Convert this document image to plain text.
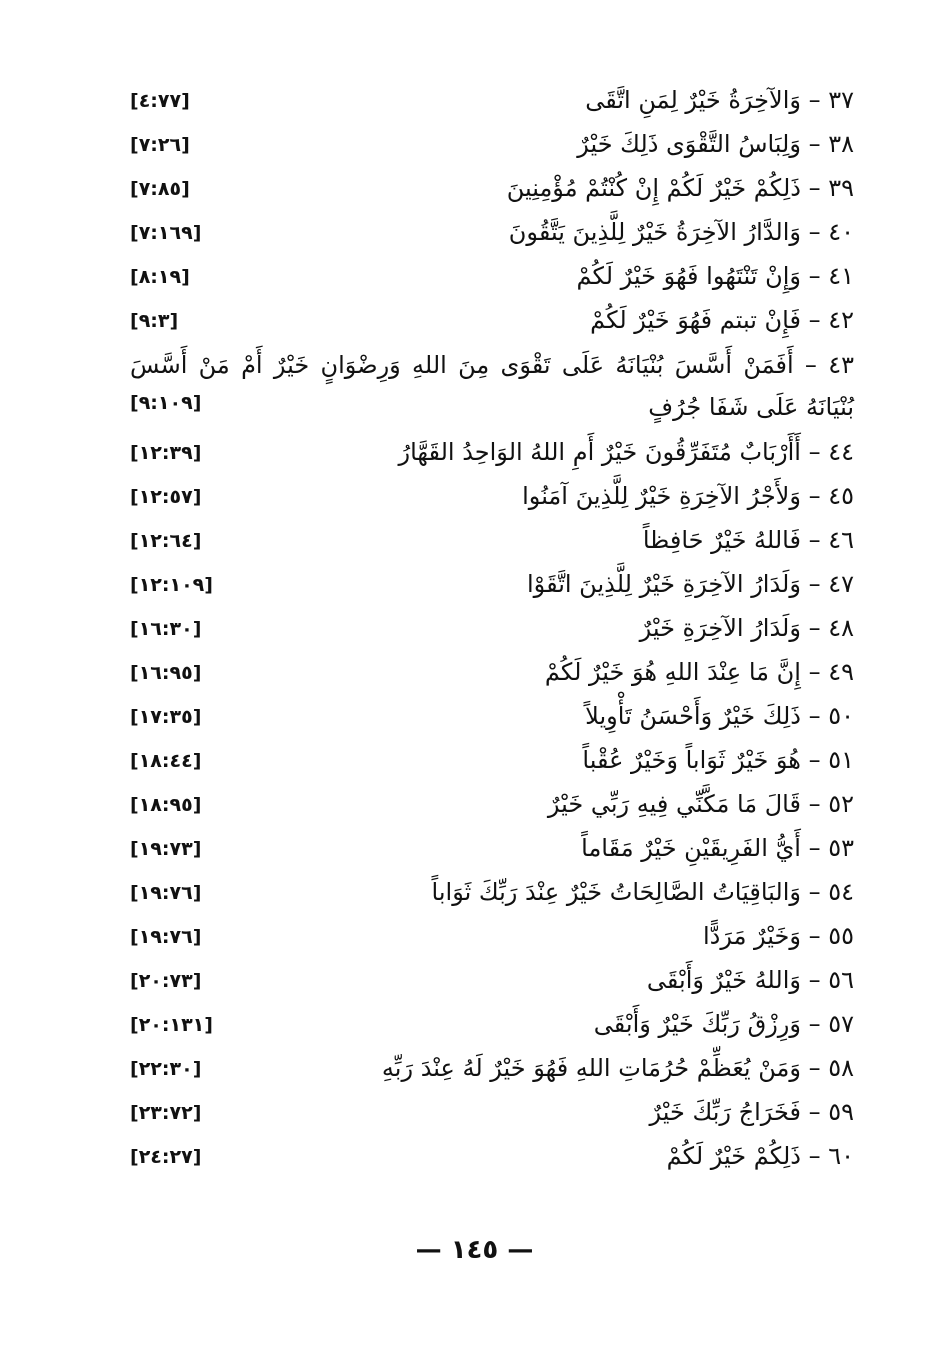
٣٧ – وَالآخِرَةُ خَيْرٌ لِمَنِ اتَّقَى
[٤:٧٧]
٣٨ – وَلِبَاسُ التَّقْوَى ذَلِكَ خَيْرٌ
[٧:٢٦]
٣٩ – ذَلِكُمْ خَيْرٌ لَكُمْ إِنْ كُنْتُمْ مُؤْمِنِينَ
[٧:٨٥]
٤٠ – وَالدَّارُ الآخِرَةُ خَيْرٌ لِلَّذِينَ يَتَّقُونَ
[٧:١٦٩]
٤١ – وَإِنْ تَنْتَهُوا فَهُوَ خَيْرٌ لَكُمْ
[٨:١٩]
٤٢ – فَإِنْ تبتم فَهُوَ خَيْرٌ لَكُمْ
[٩:٣]
٤٣ – أَفَمَنْ أَسَّسَ بُنْيَانَهُ عَلَى تَقْوَى مِنَ اللهِ وَرِضْوَانٍ خَيْرٌ أَمْ مَنْ أَسَّسَ بُنْيَانَهُ عَلَى شَفَا جُرُفٍ
[٩:١٠٩]
٤٤ – أَأَرْبَابٌ مُتَفَرِّقُونَ خَيْرٌ أَمِ اللهُ الوَاحِدُ القَهَّارُ
[١٢:٣٩]
٤٥ – وَلأَجْرُ الآخِرَةِ خَيْرٌ لِلَّذِينَ آمَنُوا
[١٢:٥٧]
٤٦ – فَاللهُ خَيْرٌ حَافِظاً
[١٢:٦٤]
٤٧ – وَلَدَارُ الآخِرَةِ خَيْرٌ لِلَّذِينَ اتَّقَوْا
[١٢:١٠٩]
٤٨ – وَلَدَارُ الآخِرَةِ خَيْرٌ
[١٦:٣٠]
٤٩ – إِنَّ مَا عِنْدَ اللهِ هُوَ خَيْرٌ لَكُمْ
[١٦:٩٥]
٥٠ – ذَلِكَ خَيْرٌ وَأَحْسَنُ تَأْوِيلاً
[١٧:٣٥]
٥١ – هُوَ خَيْرٌ ثَوَاباً وَخَيْرٌ عُقْباً
[١٨:٤٤]
٥٢ – قَالَ مَا مَكَّنِّي فِيهِ رَبِّي خَيْرٌ
[١٨:٩٥]
٥٣ – أَيُّ الفَرِيقَيْنِ خَيْرٌ مَقَاماً
[١٩:٧٣]
٥٤ – وَالبَاقِيَاتُ الصَّالِحَاتُ خَيْرٌ عِنْدَ رَبِّكَ ثَوَاباً
[١٩:٧٦]
٥٥ – وَخَيْرٌ مَرَدًّا
[١٩:٧٦]
٥٦ – وَاللهُ خَيْرٌ وَأَبْقَى
[٢٠:٧٣]
٥٧ – وَرِزْقُ رَبِّكَ خَيْرٌ وَأَبْقَى
[٢٠:١٣١]
٥٨ – وَمَنْ يُعَظِّمْ حُرُمَاتِ اللهِ فَهُوَ خَيْرٌ لَهُ عِنْدَ رَبِّهِ
[٢٢:٣٠]
٥٩ – فَخَرَاجُ رَبِّكَ خَيْرٌ
[٢٣:٧٢]
٦٠ – ذَلِكُمْ خَيْرٌ لَكُمْ
[٢٤:٢٧]
— ١٤٥ —
